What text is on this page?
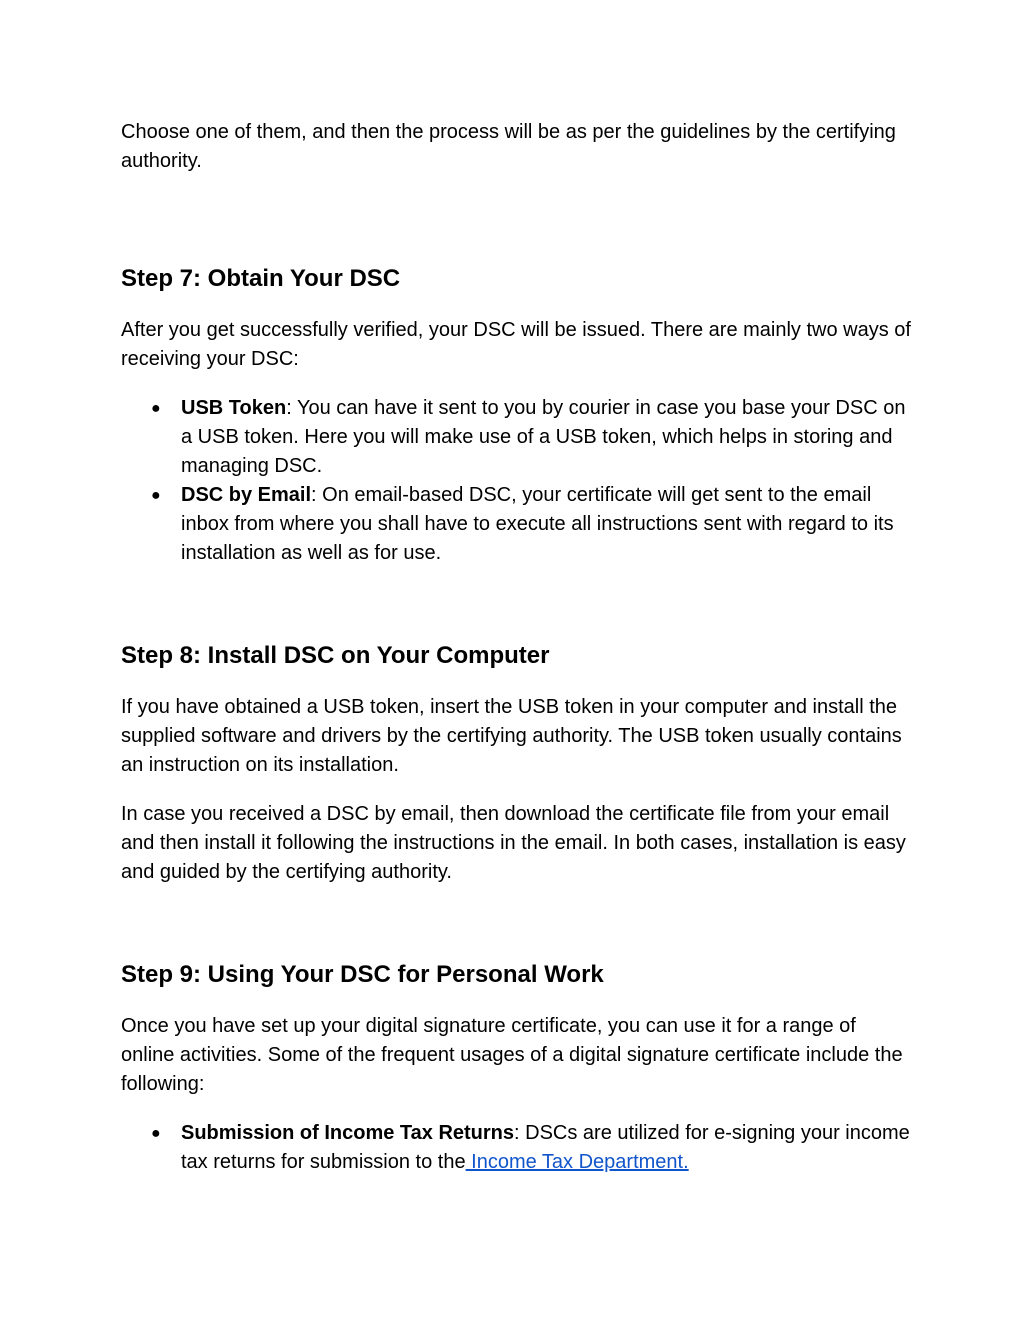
Choose one of them, and then the process will be as per the guidelines by the certifying authority.

Step 7: Obtain Your DSC

After you get successfully verified, your DSC will be issued. There are mainly two ways of receiving your DSC:

● USB Token: You can have it sent to you by courier in case you base your DSC on a USB token. Here you will make use of a USB token, which helps in storing and managing DSC.
● DSC by Email: On email-based DSC, your certificate will get sent to the email inbox from where you shall have to execute all instructions sent with regard to its installation as well as for use.
Step 8: Install DSC on Your Computer

If you have obtained a USB token, insert the USB token in your computer and install the supplied software and drivers by the certifying authority. The USB token usually contains an instruction on its installation.

In case you received a DSC by email, then download the certificate file from your email and then install it following the instructions in the email. In both cases, installation is easy and guided by the certifying authority.

Step 9: Using Your DSC for Personal Work

Once you have set up your digital signature certificate, you can use it for a range of online activities. Some of the frequent usages of a digital signature certificate include the following:

● Submission of Income Tax Returns: DSCs are utilized for e-signing your income tax returns for submission to the Income Tax Department.
